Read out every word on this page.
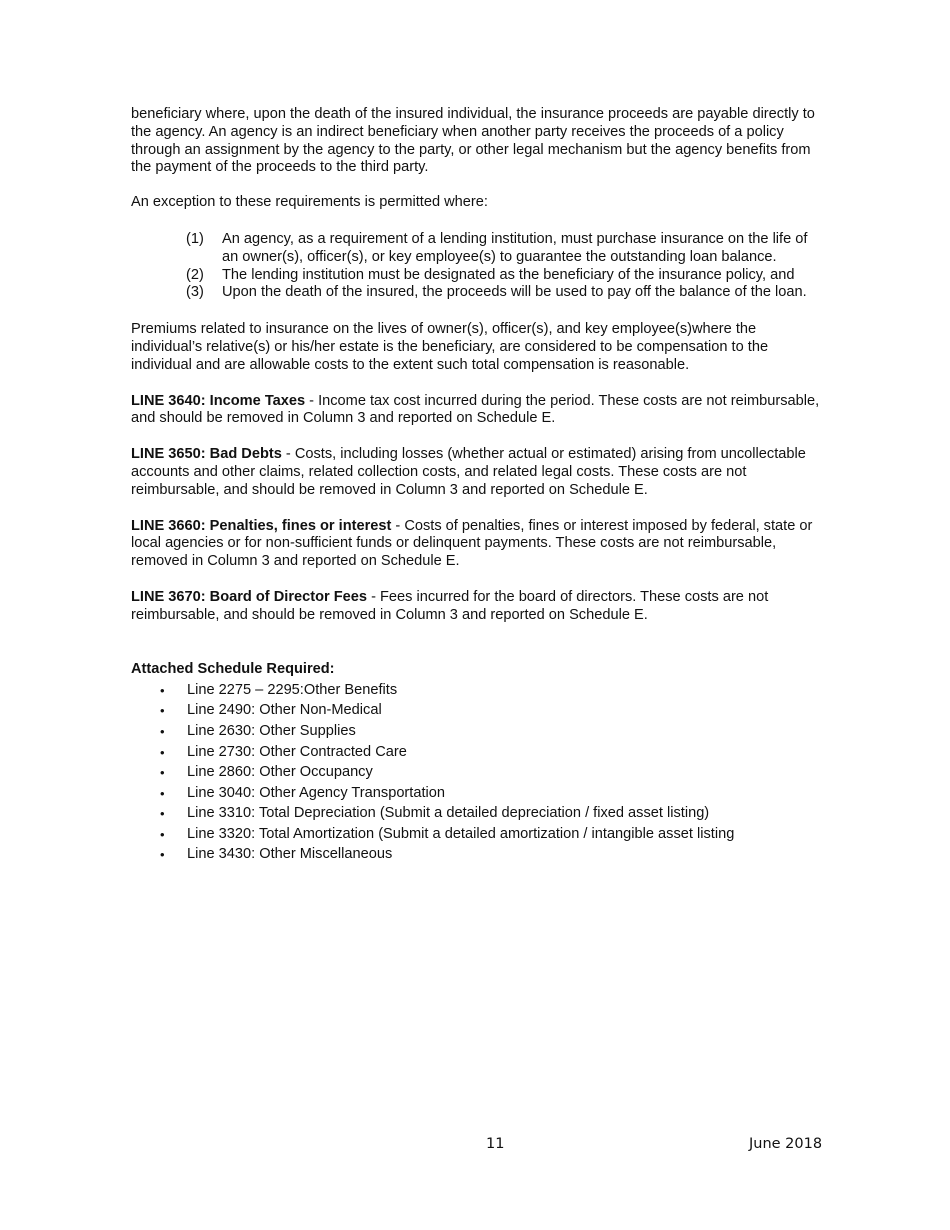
beneficiary where, upon the death of the insured individual, the insurance proceeds are payable directly to the agency. An agency is an indirect beneficiary when another party receives the proceeds of a policy through an assignment by the agency to the party, or other legal mechanism but the agency benefits from the payment of the proceeds to the third party.

An exception to these requirements is permitted where:

(1)	An agency, as a requirement of a lending institution, must purchase insurance on the life of an owner(s), officer(s), or key employee(s) to guarantee the outstanding loan balance.
(2)	The lending institution must be designated as the beneficiary of the insurance policy, and
(3)	Upon the death of the insured, the proceeds will be used to pay off the balance of the loan.

Premiums related to insurance on the lives of owner(s), officer(s), and key employee(s)where the individual’s relative(s) or his/her estate is the beneficiary, are considered to be compensation to the individual and are allowable costs to the extent such total compensation is reasonable.

LINE 3640: Income Taxes - Income tax cost incurred during the period. These costs are not reimbursable, and should be removed in Column 3 and reported on Schedule E.

LINE 3650: Bad Debts - Costs, including losses (whether actual or estimated) arising from uncollectable accounts and other claims, related collection costs, and related legal costs. These costs are not reimbursable, and should be removed in Column 3 and reported on Schedule E.

LINE 3660: Penalties, fines or interest - Costs of penalties, fines or interest imposed by federal, state or local agencies or for non-sufficient funds or delinquent payments. These costs are not reimbursable, removed in Column 3 and reported on Schedule E.

LINE 3670: Board of Director Fees - Fees incurred for the board of directors. These costs are not reimbursable, and should be removed in Column 3 and reported on Schedule E.

Attached Schedule Required:

•	Line 2275 – 2295:Other Benefits
•	Line 2490: Other Non-Medical
•	Line 2630: Other Supplies
•	Line 2730: Other Contracted Care
•	Line 2860: Other Occupancy
•	Line 3040: Other Agency Transportation
•	Line 3310: Total Depreciation (Submit a detailed depreciation / fixed asset listing)
•	Line 3320: Total Amortization (Submit a detailed amortization / intangible asset listing
•	Line 3430: Other Miscellaneous
11	June 2018
